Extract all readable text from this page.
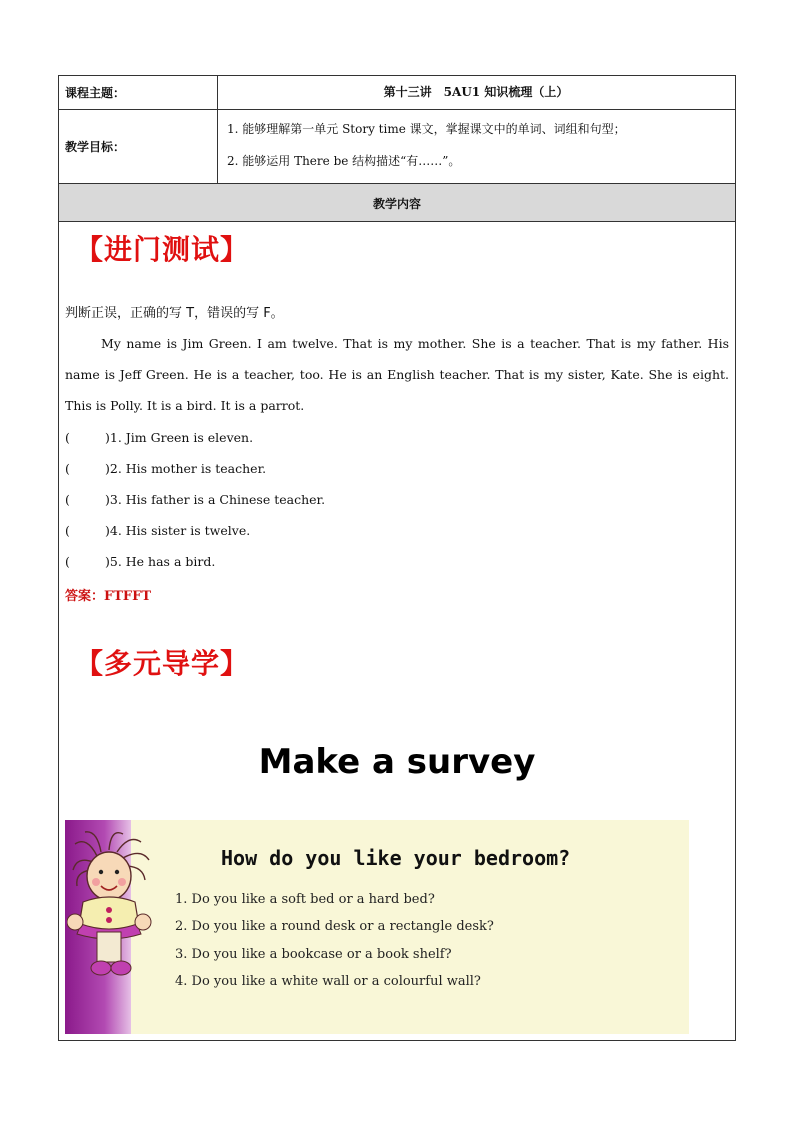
课程主题：	第十三讲　5AU1 知识梳理（上）
教学目标：
1. 能够理解第一单元 Story time 课文，掌握课文中的单词、词组和句型；
2. 能够运用 There be 结构描述“有……”。
教学内容
【进门测试】
判断正误，正确的写 T，错误的写 F。
My name is Jim Green. I am twelve. That is my mother. She is a teacher. That is my father. His name is Jeff Green. He is a teacher, too. He is an English teacher. That is my sister, Kate. She is eight. This is Polly. It is a bird. It is a parrot.
(	)1. Jim Green is eleven.
(	)2. His mother is teacher.
(	)3. His father is a Chinese teacher.
(	)4. His sister is twelve.
(	)5. He has a bird.
答案：FTFFT
【多元导学】
Make a survey
How do you like your bedroom?
1. Do you like a soft bed or a hard bed?
2. Do you like a round desk or a rectangle desk?
3. Do you like a bookcase or a book shelf?
4. Do you like a white wall or a colourful wall?
